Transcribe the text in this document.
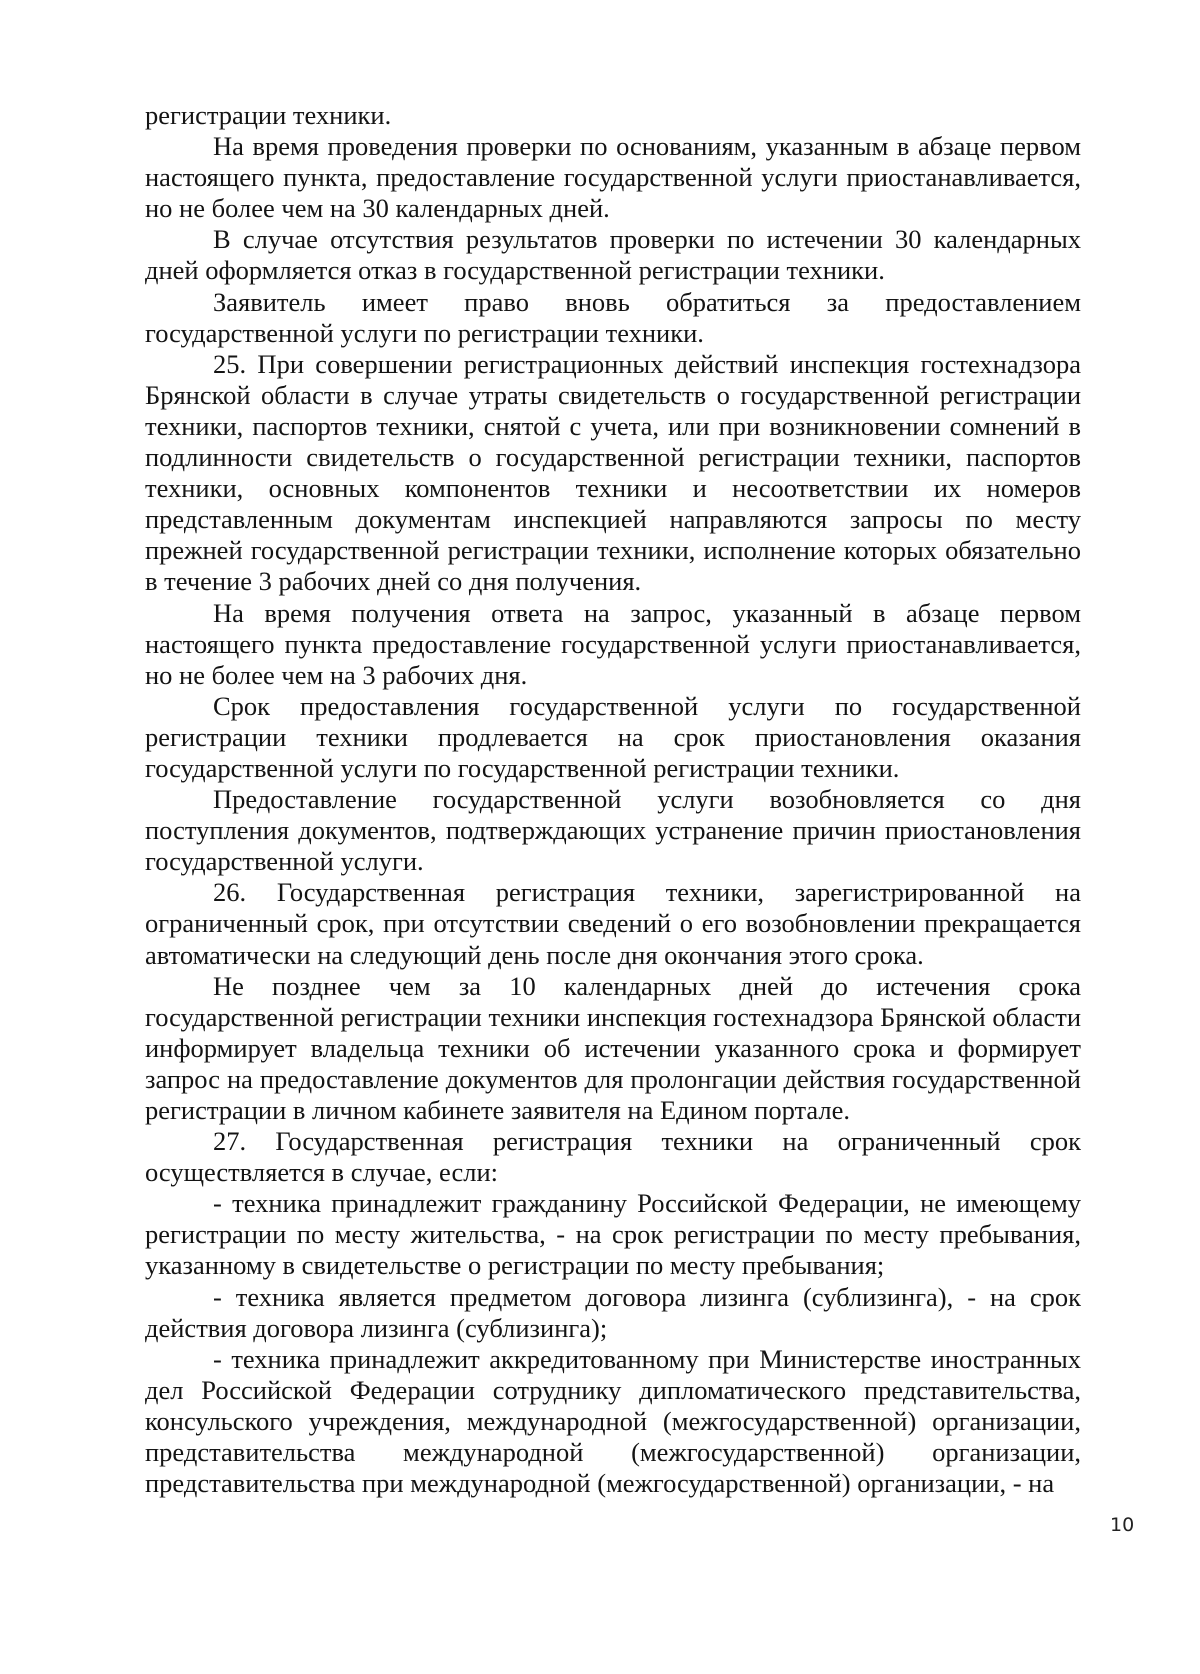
регистрации техники.

На время проведения проверки по основаниям, указанным в абзаце первом настоящего пункта, предоставление государственной услуги приостанавливается, но не более чем на 30 календарных дней.

В случае отсутствия результатов проверки по истечении 30 календарных дней оформляется отказ в государственной регистрации техники.

Заявитель имеет право вновь обратиться за предоставлением государственной услуги по регистрации техники.

25. При совершении регистрационных действий инспекция гостехнадзора Брянской области в случае утраты свидетельств о государственной регистрации техники, паспортов техники, снятой с учета, или при возникновении сомнений в подлинности свидетельств о государственной регистрации техники, паспортов техники, основных компонентов техники и несоответствии их номеров представленным документам инспекцией направляются запросы по месту прежней государственной регистрации техники, исполнение которых обязательно в течение 3 рабочих дней со дня получения.

На время получения ответа на запрос, указанный в абзаце первом настоящего пункта предоставление государственной услуги приостанавливается, но не более чем на 3 рабочих дня.

Срок предоставления государственной услуги по государственной регистрации техники продлевается на срок приостановления оказания государственной услуги по государственной регистрации техники.

Предоставление государственной услуги возобновляется со дня поступления документов, подтверждающих устранение причин приостановления государственной услуги.

26. Государственная регистрация техники, зарегистрированной на ограниченный срок, при отсутствии сведений о его возобновлении прекращается автоматически на следующий день после дня окончания этого срока.

Не позднее чем за 10 календарных дней до истечения срока государственной регистрации техники инспекция гостехнадзора Брянской области информирует владельца техники об истечении указанного срока и формирует запрос на предоставление документов для пролонгации действия государственной регистрации в личном кабинете заявителя на Едином портале.

27. Государственная регистрация техники на ограниченный срок осуществляется в случае, если:

- техника принадлежит гражданину Российской Федерации, не имеющему регистрации по месту жительства, - на срок регистрации по месту пребывания, указанному в свидетельстве о регистрации по месту пребывания;

- техника является предметом договора лизинга (сублизинга), - на срок действия договора лизинга (сублизинга);

- техника принадлежит аккредитованному при Министерстве иностранных дел Российской Федерации сотруднику дипломатического представительства, консульского учреждения, международной (межгосударственной) организации, представительства международной (межгосударственной) организации, представительства при международной (межгосударственной) организации, - на

10
